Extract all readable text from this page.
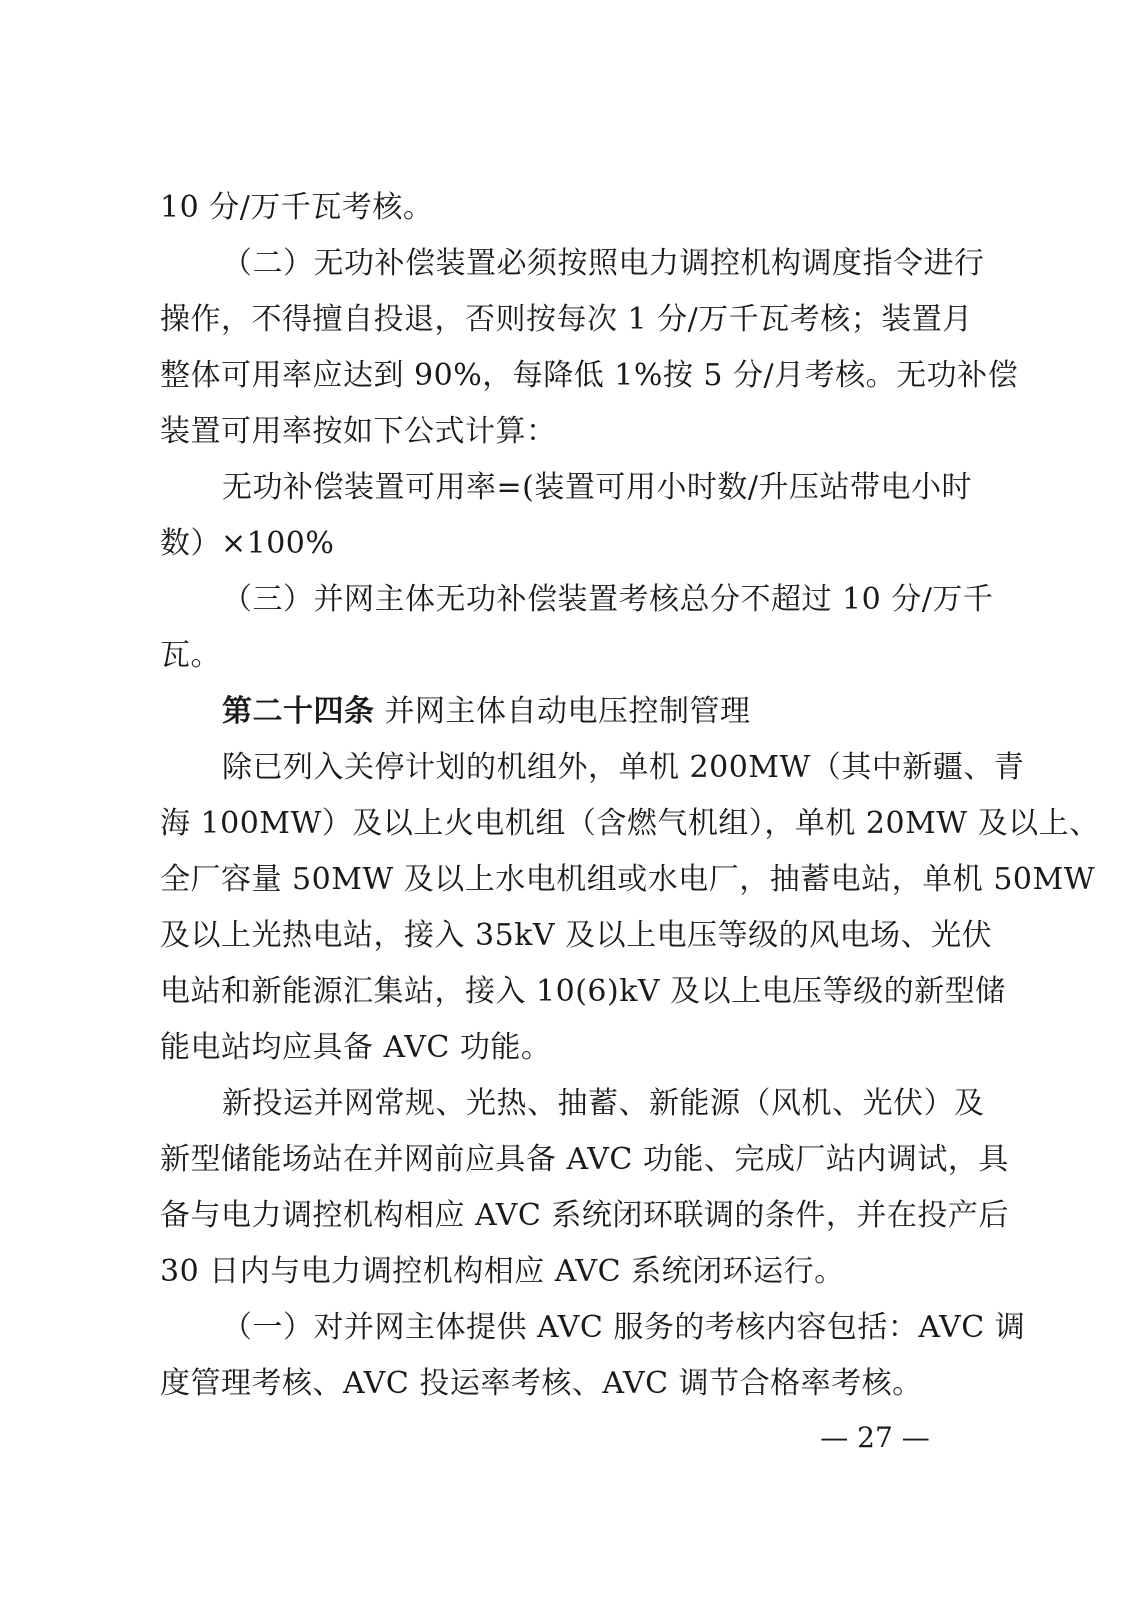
10 分/万千瓦考核。
（二）无功补偿装置必须按照电力调控机构调度指令进行
操作，不得擅自投退，否则按每次 1 分/万千瓦考核；装置月
整体可用率应达到 90%，每降低 1%按 5 分/月考核。无功补偿
装置可用率按如下公式计算：
无功补偿装置可用率=(装置可用小时数/升压站带电小时
数）×100%
（三）并网主体无功补偿装置考核总分不超过 10 分/万千
瓦。
第二十四条 并网主体自动电压控制管理
除已列入关停计划的机组外，单机 200MW（其中新疆、青
海 100MW）及以上火电机组（含燃气机组），单机 20MW 及以上、
全厂容量 50MW 及以上水电机组或水电厂，抽蓄电站，单机 50MW
及以上光热电站，接入 35kV 及以上电压等级的风电场、光伏
电站和新能源汇集站，接入 10(6)kV 及以上电压等级的新型储
能电站均应具备 AVC 功能。
新投运并网常规、光热、抽蓄、新能源（风机、光伏）及
新型储能场站在并网前应具备 AVC 功能、完成厂站内调试，具
备与电力调控机构相应 AVC 系统闭环联调的条件，并在投产后
30 日内与电力调控机构相应 AVC 系统闭环运行。
（一）对并网主体提供 AVC 服务的考核内容包括：AVC 调
度管理考核、AVC 投运率考核、AVC 调节合格率考核。
— 27 —
